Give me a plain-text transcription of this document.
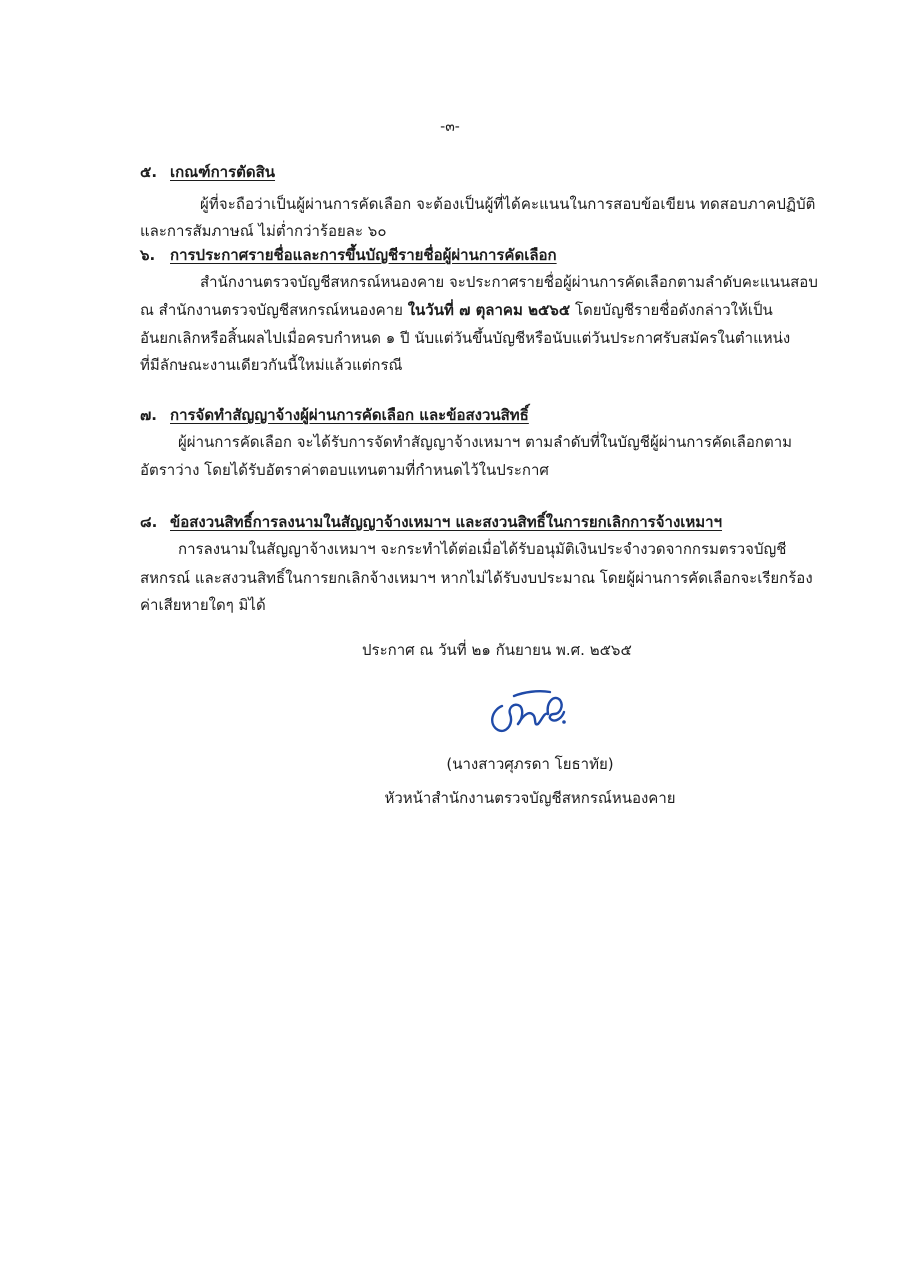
-๓-
๕. เกณฑ์การตัดสิน
ผู้ที่จะถือว่าเป็นผู้ผ่านการคัดเลือก จะต้องเป็นผู้ที่ได้คะแนนในการสอบข้อเขียน ทดสอบภาคปฏิบัติ
และการสัมภาษณ์ ไม่ต่ำกว่าร้อยละ ๖๐
๖. การประกาศรายชื่อและการขึ้นบัญชีรายชื่อผู้ผ่านการคัดเลือก
สำนักงานตรวจบัญชีสหกรณ์หนองคาย จะประกาศรายชื่อผู้ผ่านการคัดเลือกตามลำดับคะแนนสอบ
ณ สำนักงานตรวจบัญชีสหกรณ์หนองคาย ในวันที่ ๗ ตุลาคม ๒๕๖๕ โดยบัญชีรายชื่อดังกล่าวให้เป็น
อันยกเลิกหรือสิ้นผลไปเมื่อครบกำหนด ๑ ปี นับแต่วันขึ้นบัญชีหรือนับแต่วันประกาศรับสมัครในตำแหน่ง
ที่มีลักษณะงานเดียวกันนี้ใหม่แล้วแต่กรณี
๗. การจัดทำสัญญาจ้างผู้ผ่านการคัดเลือก และข้อสงวนสิทธิ์
ผู้ผ่านการคัดเลือก จะได้รับการจัดทำสัญญาจ้างเหมาฯ ตามลำดับที่ในบัญชีผู้ผ่านการคัดเลือกตาม
อัตราว่าง โดยได้รับอัตราค่าตอบแทนตามที่กำหนดไว้ในประกาศ
๘. ข้อสงวนสิทธิ์การลงนามในสัญญาจ้างเหมาฯ และสงวนสิทธิ์ในการยกเลิกการจ้างเหมาฯ
การลงนามในสัญญาจ้างเหมาฯ จะกระทำได้ต่อเมื่อได้รับอนุมัติเงินประจำงวดจากกรมตรวจบัญชี
สหกรณ์ และสงวนสิทธิ์ในการยกเลิกจ้างเหมาฯ หากไม่ได้รับงบประมาณ โดยผู้ผ่านการคัดเลือกจะเรียกร้อง
ค่าเสียหายใดๆ มิได้
ประกาศ ณ วันที่ ๒๑ กันยายน พ.ศ. ๒๕๖๕
(นางสาวศุภรดา โยธาทัย)
หัวหน้าสำนักงานตรวจบัญชีสหกรณ์หนองคาย
